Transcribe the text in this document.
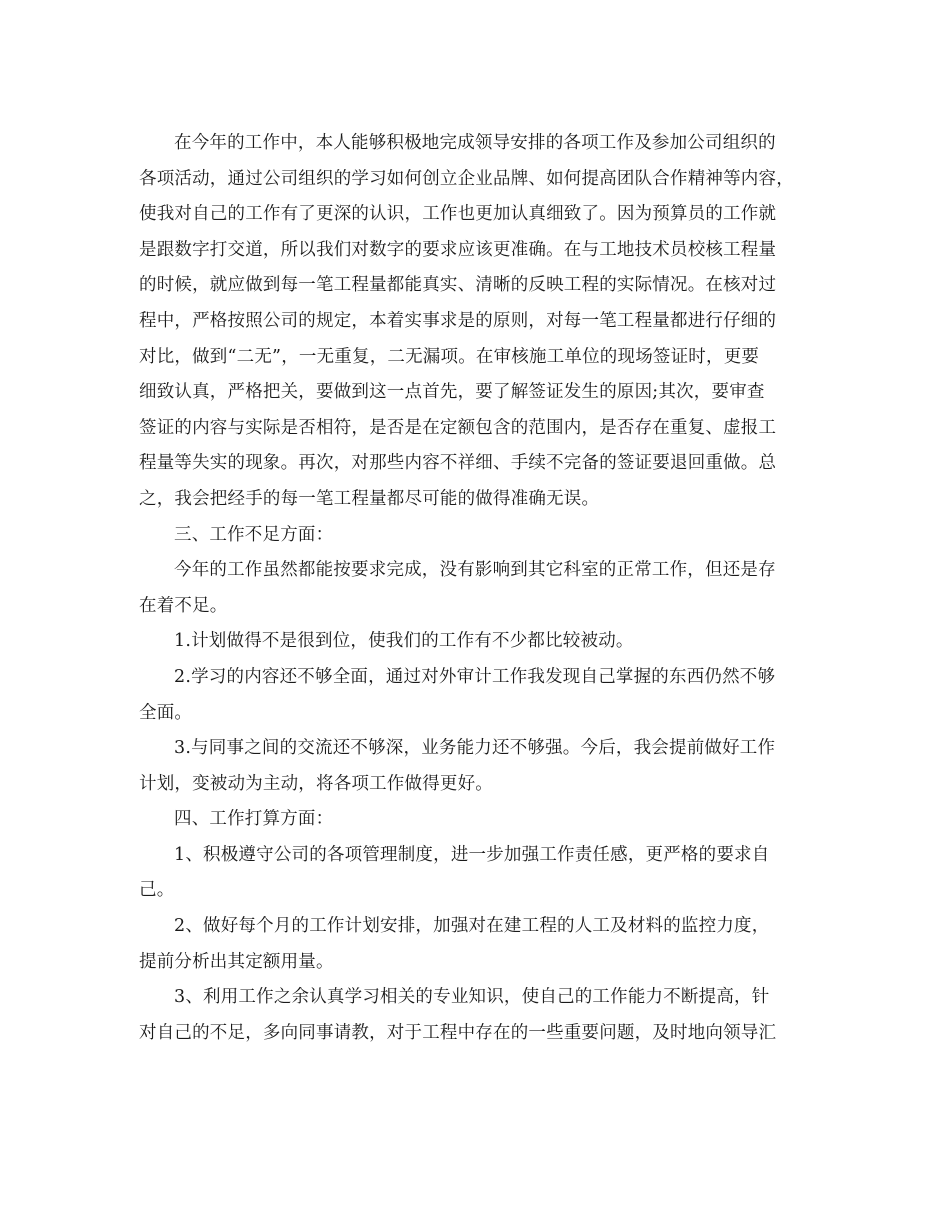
在今年的工作中，本人能够积极地完成领导安排的各项工作及参加公司组织的
各项活动，通过公司组织的学习如何创立企业品牌、如何提高团队合作精神等内容，
使我对自己的工作有了更深的认识，工作也更加认真细致了。因为预算员的工作就
是跟数字打交道，所以我们对数字的要求应该更准确。在与工地技术员校核工程量
的时候，就应做到每一笔工程量都能真实、清晰的反映工程的实际情况。在核对过
程中，严格按照公司的规定，本着实事求是的原则，对每一笔工程量都进行仔细的
对比，做到“二无”，一无重复，二无漏项。在审核施工单位的现场签证时，更要
细致认真，严格把关，要做到这一点首先，要了解签证发生的原因;其次，要审查
签证的内容与实际是否相符，是否是在定额包含的范围内，是否存在重复、虚报工
程量等失实的现象。再次，对那些内容不祥细、手续不完备的签证要退回重做。总
之，我会把经手的每一笔工程量都尽可能的做得准确无误。
三、工作不足方面：
今年的工作虽然都能按要求完成，没有影响到其它科室的正常工作，但还是存
在着不足。
1.计划做得不是很到位，使我们的工作有不少都比较被动。
2.学习的内容还不够全面，通过对外审计工作我发现自己掌握的东西仍然不够
全面。
3.与同事之间的交流还不够深，业务能力还不够强。今后，我会提前做好工作
计划，变被动为主动，将各项工作做得更好。
四、工作打算方面：
1、积极遵守公司的各项管理制度，进一步加强工作责任感，更严格的要求自
己。
2、做好每个月的工作计划安排，加强对在建工程的人工及材料的监控力度，
提前分析出其定额用量。
3、利用工作之余认真学习相关的专业知识，使自己的工作能力不断提高，针
对自己的不足，多向同事请教，对于工程中存在的一些重要问题，及时地向领导汇
